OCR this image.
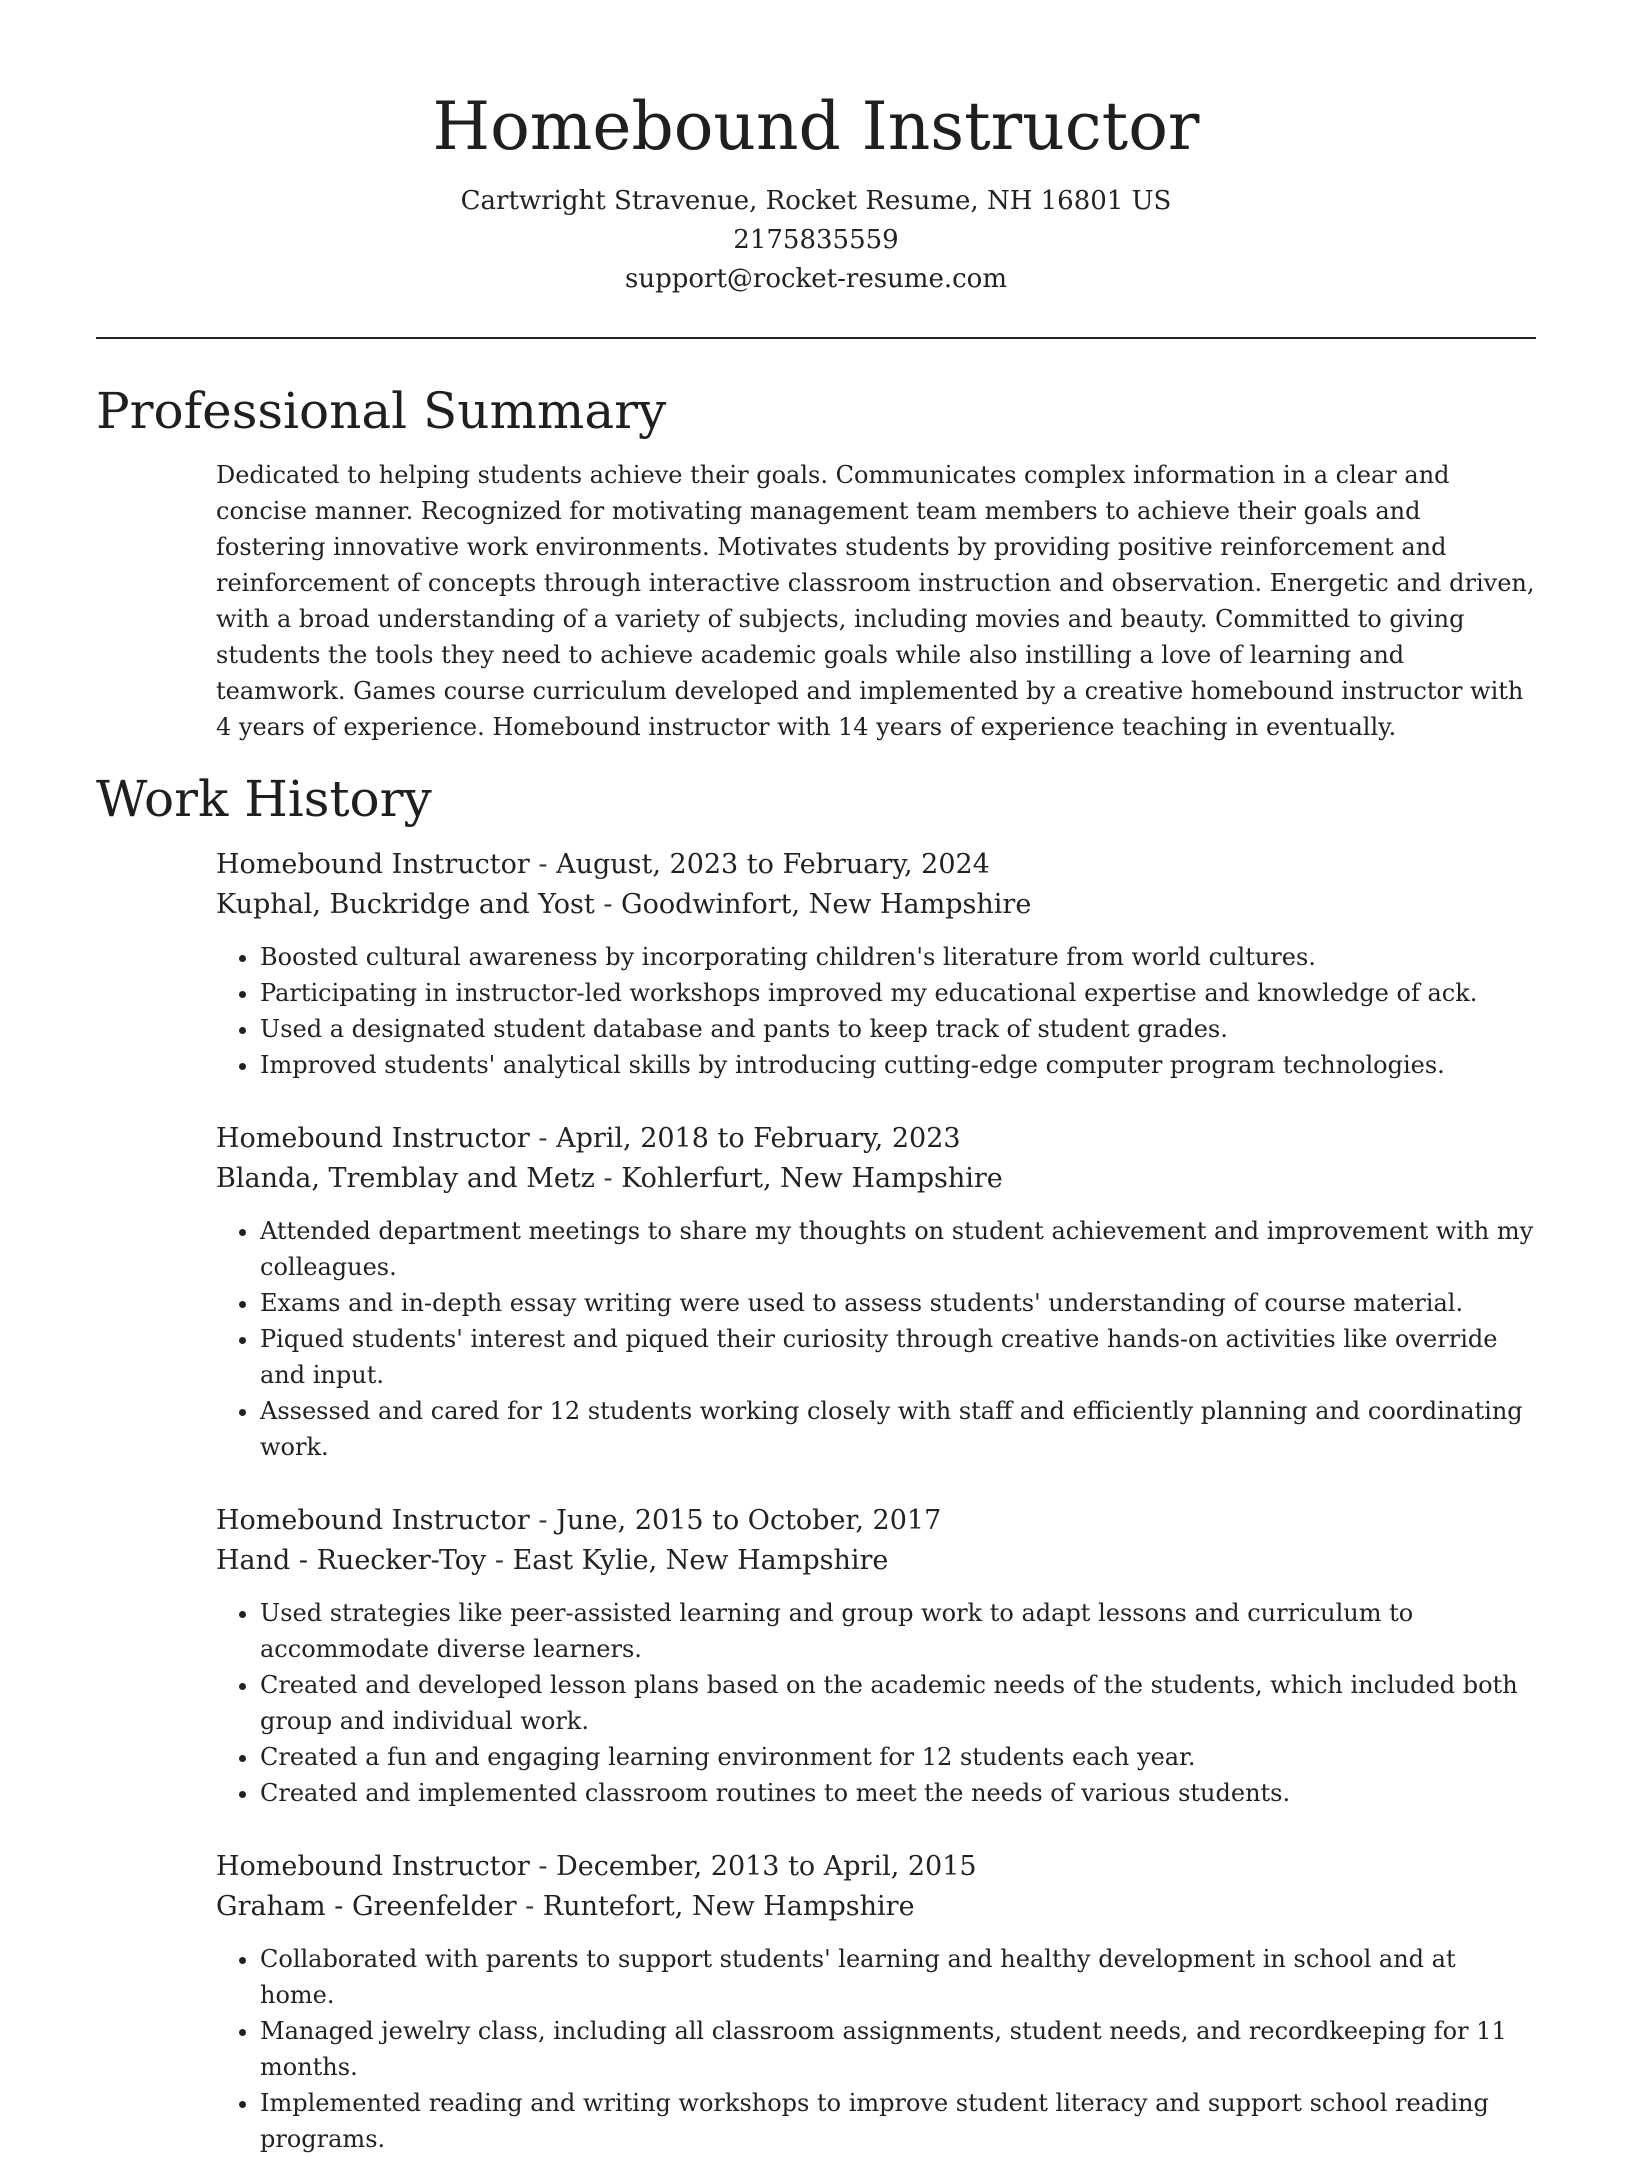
Homebound Instructor
Cartwright Stravenue, Rocket Resume, NH 16801 US
2175835559
support@rocket-resume.com
Professional Summary
Dedicated to helping students achieve their goals. Communicates complex information in a clear and concise manner. Recognized for motivating management team members to achieve their goals and fostering innovative work environments. Motivates students by providing positive reinforcement and reinforcement of concepts through interactive classroom instruction and observation. Energetic and driven, with a broad understanding of a variety of subjects, including movies and beauty. Committed to giving students the tools they need to achieve academic goals while also instilling a love of learning and teamwork. Games course curriculum developed and implemented by a creative homebound instructor with 4 years of experience. Homebound instructor with 14 years of experience teaching in eventually.
Work History
Homebound Instructor - August, 2023 to February, 2024
Kuphal, Buckridge and Yost - Goodwinfort, New Hampshire
• Boosted cultural awareness by incorporating children's literature from world cultures.
• Participating in instructor-led workshops improved my educational expertise and knowledge of ack.
• Used a designated student database and pants to keep track of student grades.
• Improved students' analytical skills by introducing cutting-edge computer program technologies.
Homebound Instructor - April, 2018 to February, 2023
Blanda, Tremblay and Metz - Kohlerfurt, New Hampshire
• Attended department meetings to share my thoughts on student achievement and improvement with my colleagues.
• Exams and in-depth essay writing were used to assess students' understanding of course material.
• Piqued students' interest and piqued their curiosity through creative hands-on activities like override and input.
• Assessed and cared for 12 students working closely with staff and efficiently planning and coordinating work.
Homebound Instructor - June, 2015 to October, 2017
Hand - Ruecker-Toy - East Kylie, New Hampshire
• Used strategies like peer-assisted learning and group work to adapt lessons and curriculum to accommodate diverse learners.
• Created and developed lesson plans based on the academic needs of the students, which included both group and individual work.
• Created a fun and engaging learning environment for 12 students each year.
• Created and implemented classroom routines to meet the needs of various students.
Homebound Instructor - December, 2013 to April, 2015
Graham - Greenfelder - Runtefort, New Hampshire
• Collaborated with parents to support students' learning and healthy development in school and at home.
• Managed jewelry class, including all classroom assignments, student needs, and recordkeeping for 11 months.
• Implemented reading and writing workshops to improve student literacy and support school reading programs.
